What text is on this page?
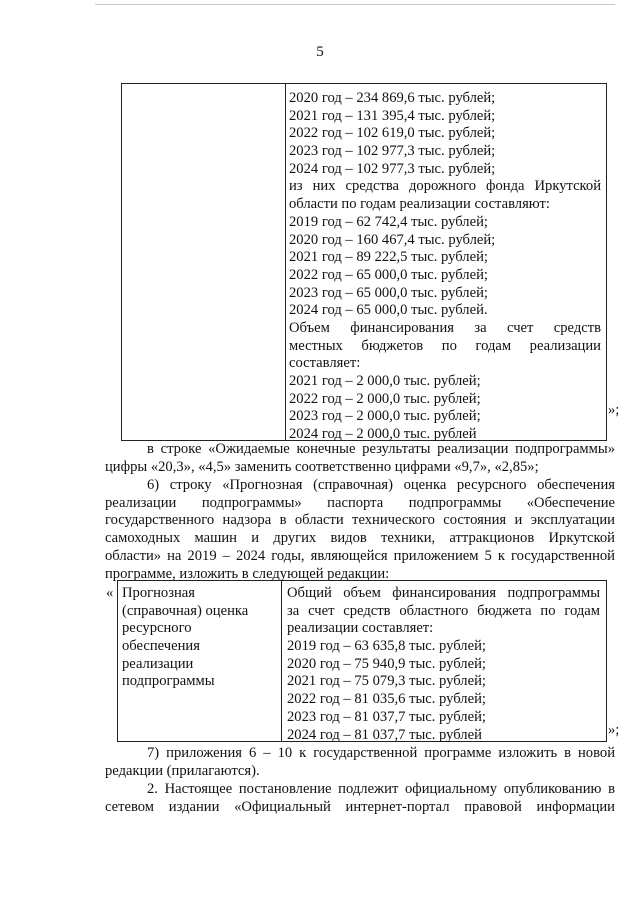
5
2020 год – 234 869,6 тыс. рублей;
2021 год – 131 395,4 тыс. рублей;
2022 год – 102 619,0 тыс. рублей;
2023 год – 102 977,3 тыс. рублей;
2024 год – 102 977,3 тыс. рублей;
из них средства дорожного фонда Иркутской
области по годам реализации составляют:
2019 год – 62 742,4 тыс. рублей;
2020 год – 160 467,4 тыс. рублей;
2021 год – 89 222,5 тыс. рублей;
2022 год – 65 000,0 тыс. рублей;
2023 год – 65 000,0 тыс. рублей;
2024 год – 65 000,0 тыс. рублей.
Объем финансирования за счет средств
местных бюджетов по годам реализации
составляет:
2021 год – 2 000,0 тыс. рублей;
2022 год – 2 000,0 тыс. рублей;
2023 год – 2 000,0 тыс. рублей;
2024 год – 2 000,0 тыс. рублей
»;
в строке «Ожидаемые конечные результаты реализации подпрограммы»
цифры «20,3», «4,5» заменить соответственно цифрами «9,7», «2,85»;
6) строку «Прогнозная (справочная) оценка ресурсного обеспечения
реализации подпрограммы» паспорта подпрограммы «Обеспечение
государственного надзора в области технического состояния и эксплуатации
самоходных машин и других видов техники, аттракционов Иркутской
области» на 2019 – 2024 годы, являющейся приложением 5 к государственной
программе, изложить в следующей редакции:
« Прогнозная
(справочная) оценка
ресурсного
обеспечения
реализации
подпрограммы
Общий объем финансирования подпрограммы
за счет средств областного бюджета по годам
реализации составляет:
2019 год – 63 635,8 тыс. рублей;
2020 год – 75 940,9 тыс. рублей;
2021 год – 75 079,3 тыс. рублей;
2022 год – 81 035,6 тыс. рублей;
2023 год – 81 037,7 тыс. рублей;
2024 год – 81 037,7 тыс. рублей	»;
7) приложения 6 – 10 к государственной программе изложить в новой
редакции (прилагаются).
2. Настоящее постановление подлежит официальному опубликованию в
сетевом издании «Официальный интернет-портал правовой информации
